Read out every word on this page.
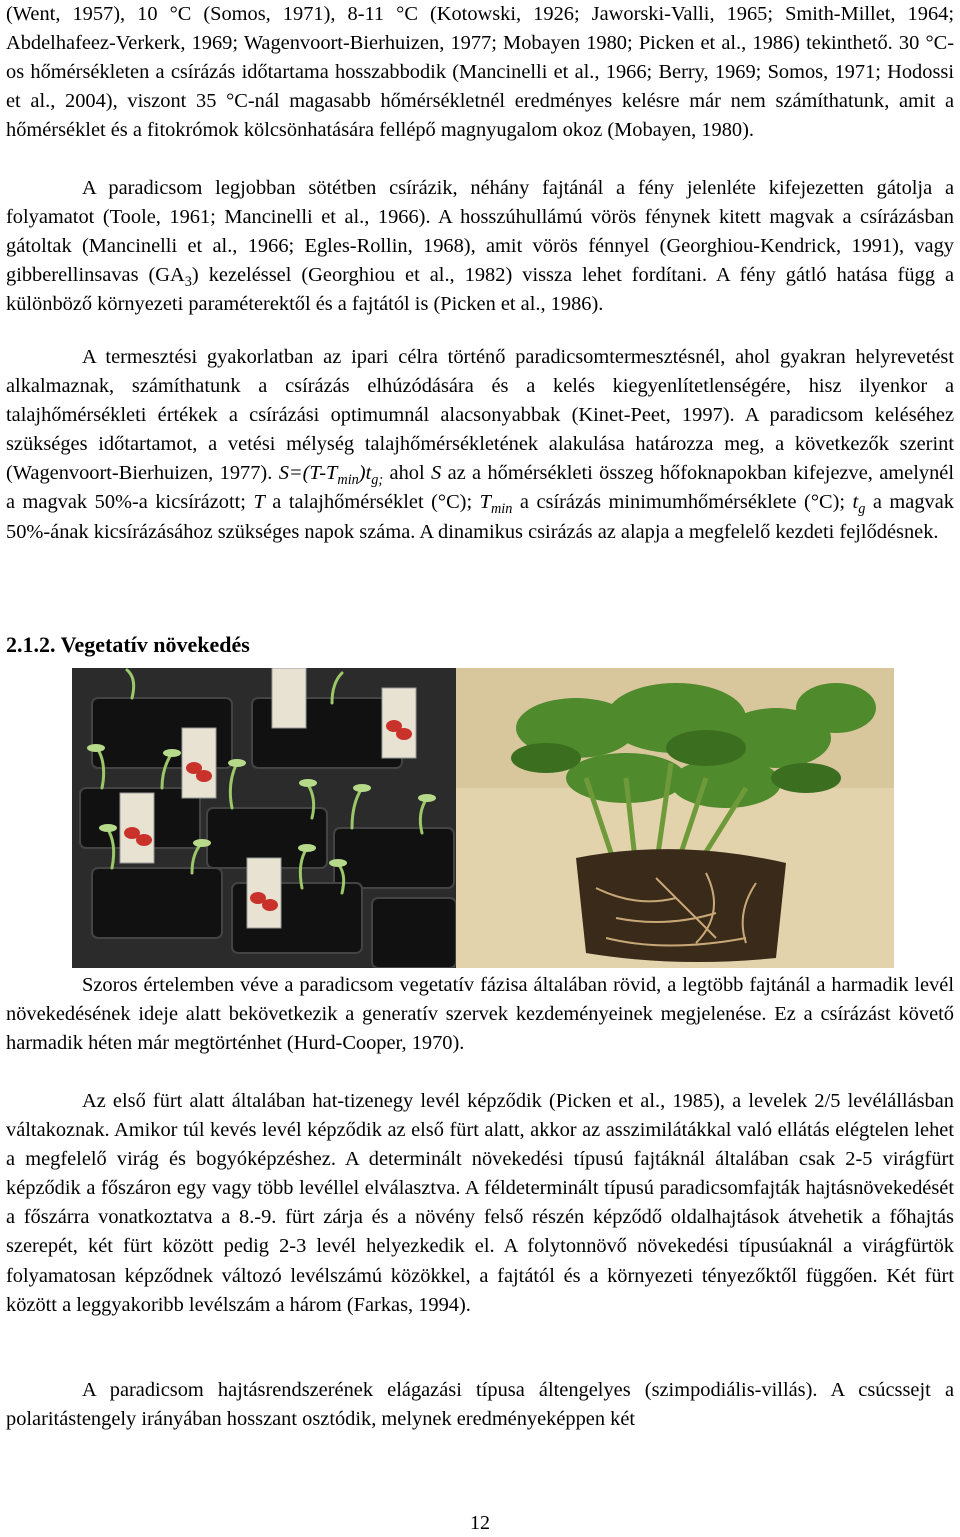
(Went, 1957), 10 °C (Somos, 1971), 8-11 °C (Kotowski, 1926; Jaworski-Valli, 1965; Smith-Millet, 1964; Abdelhafeez-Verkerk, 1969; Wagenvoort-Bierhuizen, 1977; Mobayen 1980; Picken et al., 1986) tekinthető. 30 °C-os hőmérsékleten a csírázás időtartama hosszabbodik (Mancinelli et al., 1966; Berry, 1969; Somos, 1971; Hodossi et al., 2004), viszont 35 °C-nál magasabb hőmérsékletnél eredményes kelésre már nem számíthatunk, amit a hőmérséklet és a fitokrómok kölcsönhatására fellépő magnyugalom okoz (Mobayen, 1980).

A paradicsom legjobban sötétben csírázik, néhány fajtánál a fény jelenléte kifejezetten gátolja a folyamatot (Toole, 1961; Mancinelli et al., 1966). A hosszúhullámú vörös fénynek kitett magvak a csírázásban gátoltak (Mancinelli et al., 1966; Egles-Rollin, 1968), amit vörös fénnyel (Georghiou-Kendrick, 1991), vagy gibberellinsavas $(GA_3)$ kezeléssel (Georghiou et al., 1982) vissza lehet fordítani. A fény gátló hatása függ a különböző környezeti paraméterektől és a fajtától is (Picken et al., 1986).

A termesztési gyakorlatban az ipari célra történő paradicsomtermesztésnél, ahol gyakran helyrevetést alkalmaznak, számíthatunk a csírázás elhúzódására és a kelés kiegyenlítetlenségére, hisz ilyenkor a talajhőmérsékleti értékek a csírázási optimumnál alacsonyabbak (Kinet-Peet, 1997). A paradicsom keléséhez szükséges időtartamot, a vetési mélység talajhőmérsékletének alakulása határozza meg, a következők szerint (Wagenvoort-Bierhuizen, 1977). $S=(T-T_{min})t_{g;}$ ahol S az a hőmérsékleti összeg hőfoknapokban kifejezve, amelynél a magvak 50%-a kicsírázott; T a talajhőmérséklet (°C); $T_{min}$ a csírázás minimumhőmérséklete (°C); $t_g$ a magvak 50%-ának kicsírázásához szükséges napok száma. A dinamikus csirázás az alapja a megfelelő kezdeti fejlődésnek.

2.1.2. Vegetatív növekedés

Szoros értelemben véve a paradicsom vegetatív fázisa általában rövid, a legtöbb fajtánál a harmadik levél növekedésének ideje alatt bekövetkezik a generatív szervek kezdeményeinek megjelenése. Ez a csírázást követő harmadik héten már megtörténhet (Hurd-Cooper, 1970).

Az első fürt alatt általában hat-tizenegy levél képződik (Picken et al., 1985), a levelek 2/5 levélállásban váltakoznak. Amikor túl kevés levél képződik az első fürt alatt, akkor az asszimilátákkal való ellátás elégtelen lehet a megfelelő virág és bogyóképzéshez. A determinált növekedési típusú fajtáknál általában csak 2-5 virágfürt képződik a főszáron egy vagy több levéllel elválasztva. A féldeterminált típusú paradicsomfajták hajtásnövekedését a főszárra vonatkoztatva a 8.-9. fürt zárja és a növény felső részén képződő oldalhajtások átvehetik a főhajtás szerepét, két fürt között pedig 2-3 levél helyezkedik el. A folytonnövő növekedési típusúaknál a virágfürtök folyamatosan képződnek változó levélszámú közökkel, a fajtától és a környezeti tényezőktől függően. Két fürt között a leggyakoribb levélszám a három (Farkas, 1994).

A paradicsom hajtásrendszerének elágazási típusa áltengelyes (szimpodiális-villás). A csúcssejt a polaritástengely irányában hosszant osztódik, melynek eredményeképpen két

12
